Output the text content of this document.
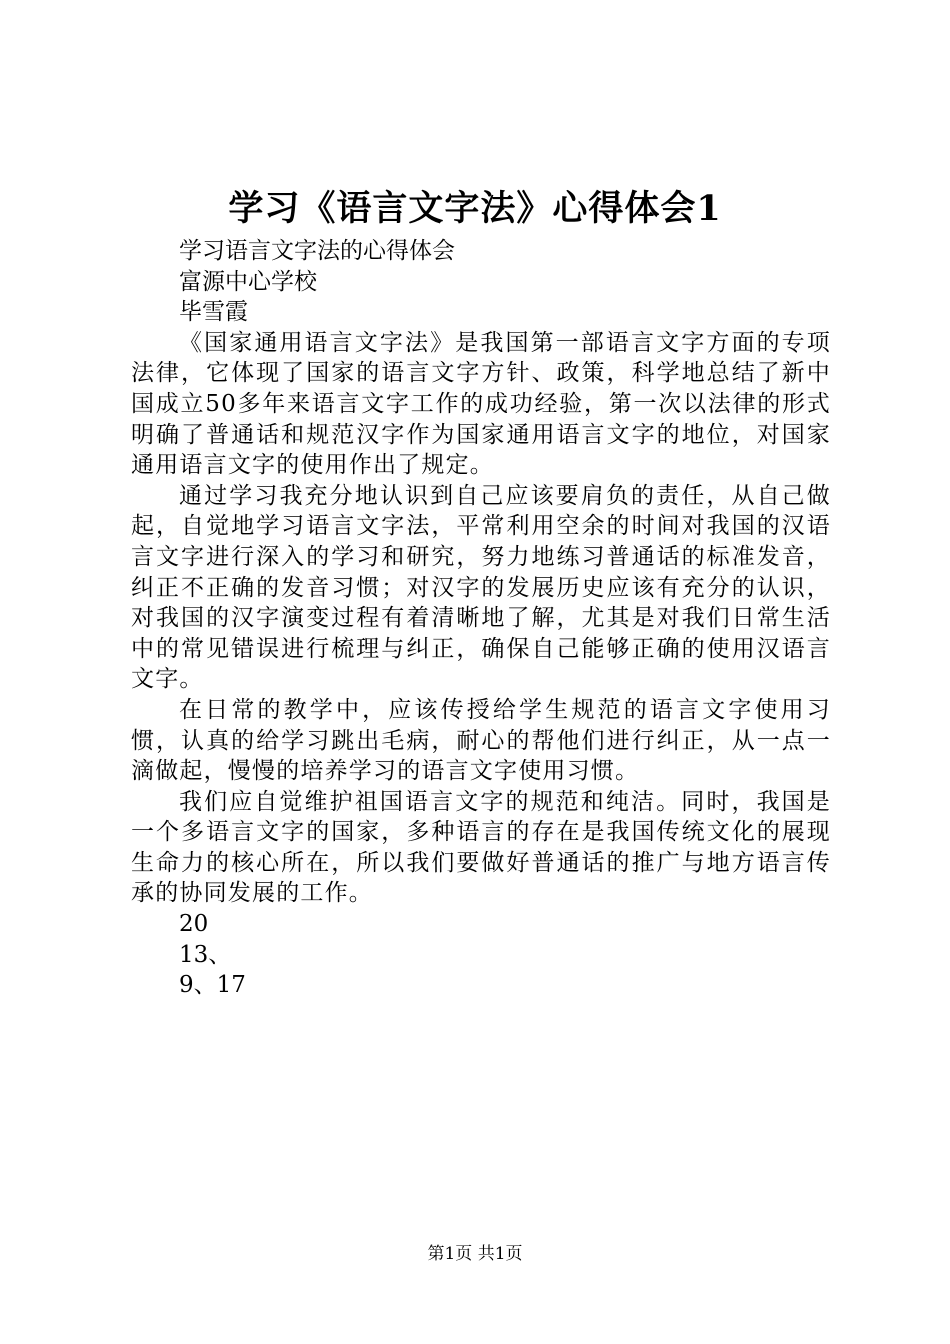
学习《语言文字法》心得体会1
学习语言文字法的心得体会
富源中心学校
毕雪霞

《国家通用语言文字法》是我国第一部语言文字方面的专项法律，它体现了国家的语言文字方针、政策，科学地总结了新中国成立50多年来语言文字工作的成功经验，第一次以法律的形式明确了普通话和规范汉字作为国家通用语言文字的地位，对国家通用语言文字的使用作出了规定。

通过学习我充分地认识到自己应该要肩负的责任，从自己做起，自觉地学习语言文字法，平常利用空余的时间对我国的汉语言文字进行深入的学习和研究，努力地练习普通话的标准发音，纠正不正确的发音习惯；对汉字的发展历史应该有充分的认识，对我国的汉字演变过程有着清晰地了解，尤其是对我们日常生活中的常见错误进行梳理与纠正，确保自己能够正确的使用汉语言文字。

在日常的教学中，应该传授给学生规范的语言文字使用习惯，认真的给学习跳出毛病，耐心的帮他们进行纠正，从一点一滴做起，慢慢的培养学习的语言文字使用习惯。

我们应自觉维护祖国语言文字的规范和纯洁。同时，我国是一个多语言文字的国家，多种语言的存在是我国传统文化的展现生命力的核心所在，所以我们要做好普通话的推广与地方语言传承的协同发展的工作。

20
13、
9、17
第1页 共1页
